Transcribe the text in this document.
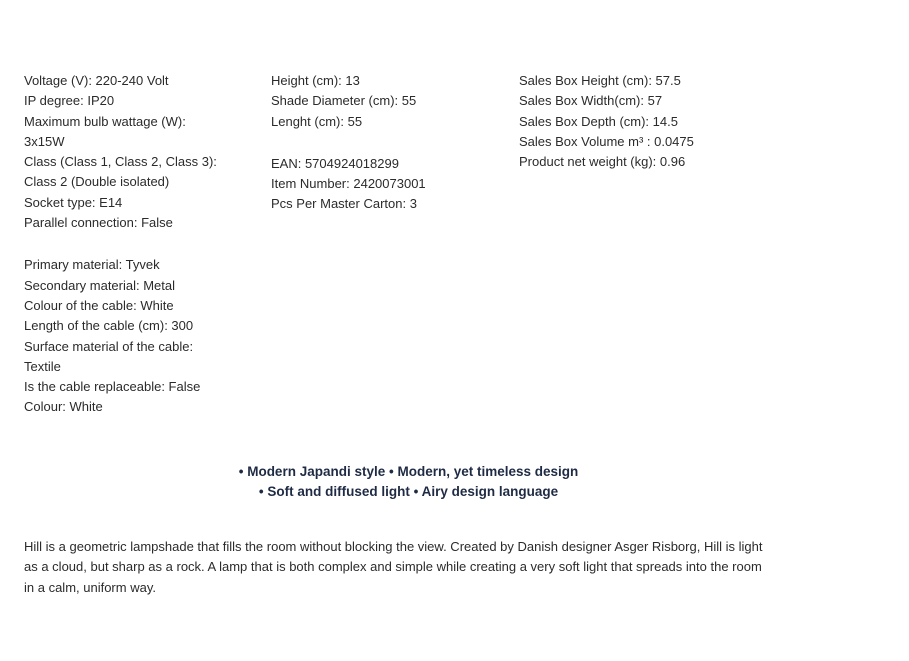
Voltage (V): 220-240 Volt
IP degree: IP20
Maximum bulb wattage (W):
3x15W
Class (Class 1, Class 2, Class 3):
Class 2 (Double isolated)
Socket type: E14
Parallel connection: False
Primary material: Tyvek
Secondary material: Metal
Colour of the cable: White
Length of the cable (cm): 300
Surface material of the cable:
Textile
Is the cable replaceable: False
Colour: White
Height (cm): 13
Shade Diameter (cm): 55
Lenght (cm): 55
EAN: 5704924018299
Item Number: 2420073001
Pcs Per Master Carton: 3
Sales Box Height (cm): 57.5
Sales Box Width(cm): 57
Sales Box Depth (cm): 14.5
Sales Box Volume m³ : 0.0475
Product net weight (kg): 0.96
• Modern Japandi style • Modern, yet timeless design
• Soft and diffused light • Airy design language
Hill is a geometric lampshade that fills the room without blocking the view. Created by Danish designer Asger Risborg, Hill is light
as a cloud, but sharp as a rock. A lamp that is both complex and simple while creating a very soft light that spreads into the room
in a calm, uniform way.
